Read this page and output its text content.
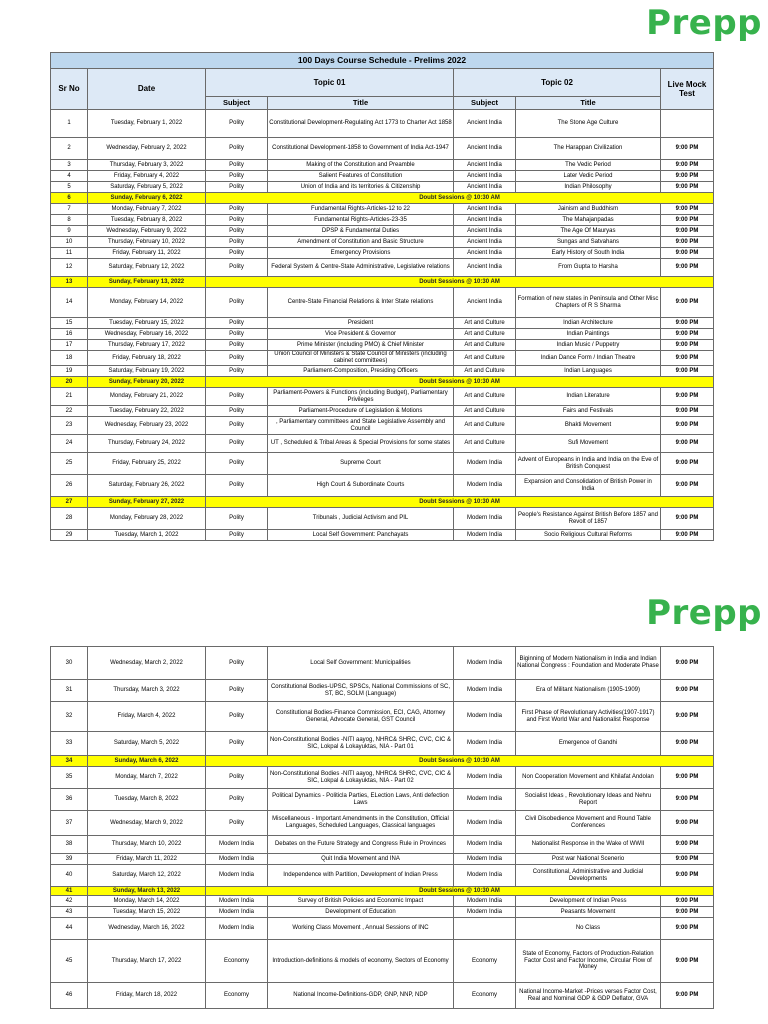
Prepp
100 Days Course Schedule - Prelims 2022						
Sr No	Date	Topic 01		Topic 02		Live Mock Test
		Subject	Title	Subject	Title	
1	Tuesday, February 1, 2022	Polity	Constitutional Development-Regulating Act 1773 to Charter Act 1858	Ancient India	The Stone Age Culture	
2	Wednesday, February 2, 2022	Polity	Constitutional Development-1858 to Government of India Act-1947	Ancient India	The Harappan Civilization	9:00 PM
3	Thursday, February 3, 2022	Polity	Making of the Constitution and Preamble	Ancient India	The Vedic Period	9:00 PM
4	Friday, February 4, 2022	Polity	Salient Features of Constitution	Ancient India	Later Vedic Period	9:00 PM
5	Saturday, February 5, 2022	Polity	Union of India and its territories & Citizenship	Ancient India	Indian Philosophy	9:00 PM
6	Sunday, February 6, 2022	Doubt Sessions @ 10:30 AM				
7	Monday, February 7, 2022	Polity	Fundamental Rights-Articles-12 to 22	Ancient India	Jainism and Buddhism	9:00 PM
8	Tuesday, February 8, 2022	Polity	Fundamental Rights-Articles-23-35	Ancient India	The Mahajanpadas	9:00 PM
9	Wednesday, February 9, 2022	Polity	DPSP & Fundamental Duties	Ancient India	The Age Of Mauryas	9:00 PM
10	Thursday, February 10, 2022	Polity	Amendment of Constitution and Basic Structure	Ancient India	Sungas and Satvahans	9:00 PM
11	Friday, February 11, 2022	Polity	Emergency Provisions	Ancient India	Early History of South India	9:00 PM
12	Saturday, February 12, 2022	Polity	Federal System & Centre-State Administrative, Legislative relations	Ancient India	From Gupta to Harsha	9:00 PM
13	Sunday, February 13, 2022	Doubt Sessions @ 10:30 AM				
14	Monday, February 14, 2022	Polity	Centre-State Financial Relations & Inter State relations	Ancient India	Formation of new states in Peninsula and Other Misc Chapters of R S Sharma	9:00 PM
15	Tuesday, February 15, 2022	Polity	President	Art and Culture	Indian Architecture	9:00 PM
16	Wednesday, February 16, 2022	Polity	Vice President & Governor	Art and Culture	Indian Paintings	9:00 PM
17	Thursday, February 17, 2022	Polity	Prime Minister (including PMO) & Chief Minister	Art and Culture	Indian Music / Puppetry	9:00 PM
18	Friday, February 18, 2022	Polity	Union Council of Ministers & State Council of Ministers (including cabinet committees)	Art and Culture	Indian Dance Form / Indian Theatre	9:00 PM
19	Saturday, February 19, 2022	Polity	Parliament-Composition, Presiding Officers	Art and Culture	Indian Languages	9:00 PM
20	Sunday, February 20, 2022	Doubt Sessions @ 10:30 AM				
21	Monday, February 21, 2022	Polity	Parliament-Powers & Functions (including Budget), Parliamentary Privileges	Art and Culture	Indian Literature	9:00 PM
22	Tuesday, February 22, 2022	Polity	Parliament-Procedure of Legislation & Motions	Art and Culture	Fairs and Festivals	9:00 PM
23	Wednesday, February 23, 2022	Polity	, Parliamentary committees and State Legislative Assembly and Council	Art and Culture	Bhakti Movement	9:00 PM
24	Thursday, February 24, 2022	Polity	UT , Scheduled & Tribal Areas & Special Provisions for some states	Art and Culture	Sufi Movement	9:00 PM
25	Friday, February 25, 2022	Polity	Supreme Court	Modern India	Advent of Europeans in India and India on the Eve of British Conquest	9:00 PM
26	Saturday, February 26, 2022	Polity	High Court & Subordinate Courts	Modern India	Expansion and Consolidation of British Power in India	9:00 PM
27	Sunday, February 27, 2022	Doubt Sessions @ 10:30 AM				
28	Monday, February 28, 2022	Polity	Tribunals , Judicial Activism and PIL	Modern India	People's Resistance Against British Before 1857 and Revolt of 1857	9:00 PM
29	Tuesday, March 1, 2022	Polity	Local Self Government: Panchayats	Modern India	Socio Religious Cultural Reforms	9:00 PM
Prepp
30	Wednesday, March 2, 2022	Polity	Local Self Government: Municipalities	Modern India	Biginning of Modern Nationalism in India and Indian National Congress : Foundation and Moderate Phase	9:00 PM
31	Thursday, March 3, 2022	Polity	Constitutional Bodies-UPSC, SPSCs, National Commissions of SC, ST, BC, SOLM (Language)	Modern India	Era of Militant Nationalism (1905-1909)	9:00 PM
32	Friday, March 4, 2022	Polity	Constitutional Bodies-Finance Commission, ECI, CAG, Attorney General, Advocate General, GST Council	Modern India	First Phase of Revolutionary Activities(1907-1917) and First World War and Nationalist Response	9:00 PM
33	Saturday, March 5, 2022	Polity	Non-Constitutional Bodies -NITI aayog, NHRC& SHRC, CVC, CIC & SIC, Lokpal & Lokayuktas, NIA - Part 01	Modern India	Emergence of Gandhi	9:00 PM
34	Sunday, March 6, 2022	Doubt Sessions @ 10:30 AM				
35	Monday, March 7, 2022	Polity	Non-Constitutional Bodies -NITI aayog, NHRC& SHRC, CVC, CIC & SIC, Lokpal & Lokayuktas, NIA - Part 02	Modern India	Non Cooperation Movement and Khilafat Andolan	9:00 PM
36	Tuesday, March 8, 2022	Polity	Political Dynamics - Politicla Parties, ELection Laws, Anti defection Laws	Modern India	Socialist Ideas , Revolutionary Ideas and Nehru Report	9:00 PM
37	Wednesday, March 9, 2022	Polity	Miscellaneous - Important Amendments in the Constitution, Official Languages, Scheduled Languages, Classical languages	Modern India	Civil Disobedience Movement and Round Table Conferences	9:00 PM
38	Thursday, March 10, 2022	Modern India	Debates on the Future Strategy and Congress Rule in Provinces	Modern India	Nationalist Response in the Wake of WWII	9:00 PM
39	Friday, March 11, 2022	Modern India	Quit India Movement and INA	Modern India	Post war National Scenerio	9:00 PM
40	Saturday, March 12, 2022	Modern India	Independence with Partition, Development of Indian Press	Modern India	Constitutional, Administrative and Judicial Developments	9:00 PM
41	Sunday, March 13, 2022	Doubt Sessions @ 10:30 AM				
42	Monday, March 14, 2022	Modern India	Survey of British Policies and Economic Impact	Modern India	Development of Indian Press	9:00 PM
43	Tuesday, March 15, 2022	Modern India	Development of Education	Modern India	Peasants Movement	9:00 PM
44	Wednesday, March 16, 2022	Modern India	Working Class Movement , Annual Sessions of INC		No Class	9:00 PM
45	Thursday, March 17, 2022	Economy	Introduction-definitions & models of economy, Sectors of Economy	Economy	State of Economy, Factors of Production-Relation Factor Cost and Factor Income, Circular Flow of Money	9:00 PM
46	Friday, March 18, 2022	Economy	National Income-Definitions-GDP, GNP, NNP, NDP	Economy	National Income-Market -Prices verses Factor Cost, Real and Nominal GDP & GDP Deflator, GVA	9:00 PM
